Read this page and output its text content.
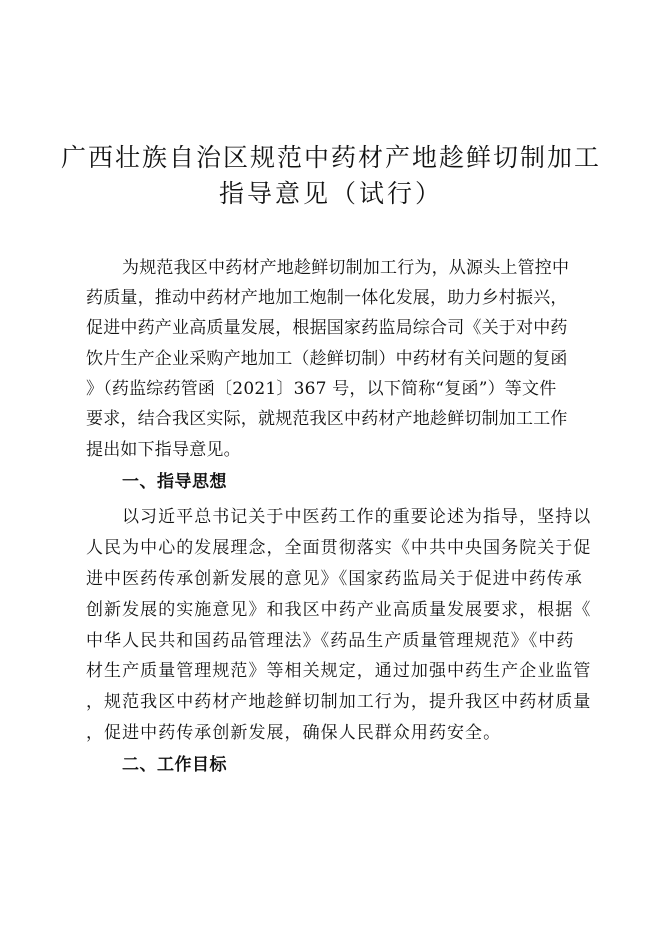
广西壮族自治区规范中药材产地趁鲜切制加工
指导意见（试行）
为规范我区中药材产地趁鲜切制加工行为，从源头上管控中
药质量，推动中药材产地加工炮制一体化发展，助力乡村振兴，
促进中药产业高质量发展，根据国家药监局综合司《关于对中药
饮片生产企业采购产地加工（趁鲜切制）中药材有关问题的复函
》（药监综药管函〔2021〕367 号，以下简称“复函”）等文件
要求，结合我区实际，就规范我区中药材产地趁鲜切制加工工作
提出如下指导意见。
一、指导思想
以习近平总书记关于中医药工作的重要论述为指导，坚持以
人民为中心的发展理念，全面贯彻落实《中共中央国务院关于促
进中医药传承创新发展的意见》《国家药监局关于促进中药传承
创新发展的实施意见》和我区中药产业高质量发展要求，根据《
中华人民共和国药品管理法》《药品生产质量管理规范》《中药
材生产质量管理规范》等相关规定，通过加强中药生产企业监管
，规范我区中药材产地趁鲜切制加工行为，提升我区中药材质量
，促进中药传承创新发展，确保人民群众用药安全。
二、工作目标
